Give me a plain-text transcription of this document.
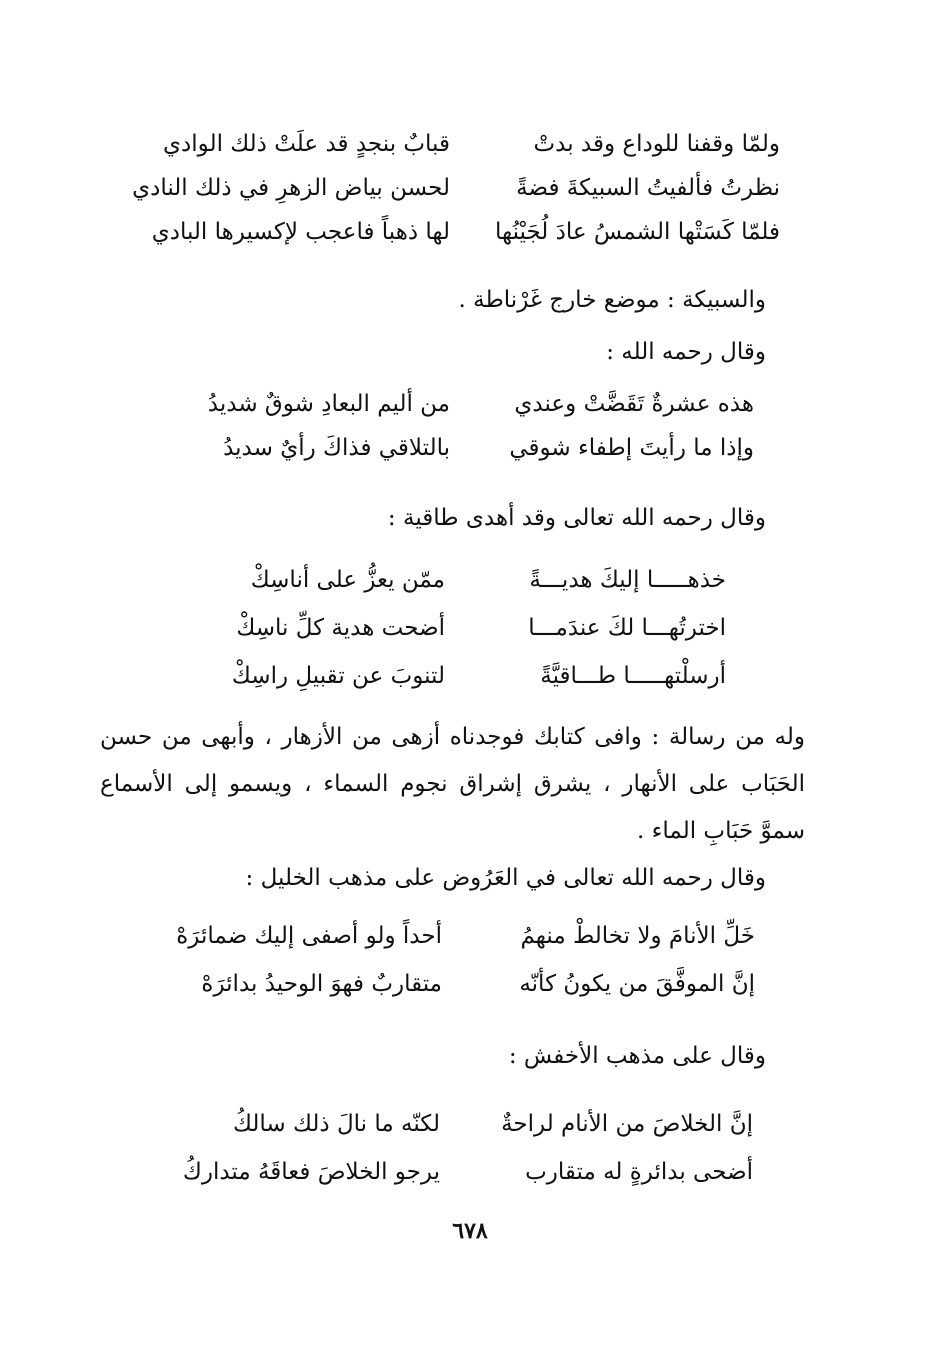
ولمّا وقفنا للوداع وقد بدتْ
قبابٌ بنجدٍ قد علَتْ ذلك الوادي
نظرتُ فألفيتُ السبيكةَ فضةً
لحسن بياض الزهرِ في ذلك النادي
فلمّا كَسَتْها الشمسُ عادَ لُجَيْنُها
لها ذهباً فاعجب لإكسيرها البادي
والسبيكة : موضع خارج غَرْناطة .
وقال رحمه الله :
هذه عشرةٌ تَقَضَّتْ وعندي
من أليم البعادِ شوقٌ شديدُ
وإذا ما رأيتَ إطفاء شوقي
بالتلاقي فذاكَ رأيٌ سديدُ
وقال رحمه الله تعالى وقد أهدى طاقية :
خذهـــــا إليكَ هديـــةً
ممّن يعزُّ على أناسِكْ
اخترتُهـــا لكَ عندَمـــا
أضحت هدية كلِّ ناسِكْ
أرسلْتهـــــا طـــاقيَّةً
لتنوبَ عن تقبيلِ راسِكْ
وله من رسالة : وافى كتابك فوجدناه أزهى من الأزهار ، وأبهى من حسن الحَبَاب على الأنهار ، يشرق إشراق نجوم السماء ، ويسمو إلى الأسماع سموَّ حَبَابِ الماء .
وقال رحمه الله تعالى في العَرُوض على مذهب الخليل :
خَلِّ الأنامَ ولا تخالطْ منهمُ
أحداً ولو أصفى إليك ضمائرَهْ
إنَّ الموفَّقَ من يكونُ كأنّه
متقاربٌ فهوَ الوحيدُ بدائرَهْ
وقال على مذهب الأخفش :
إنَّ الخلاصَ من الأنام لراحةٌ
لكنّه ما نالَ ذلك سالكُ
أضحى بدائرةٍ له متقارب
يرجو الخلاصَ فعاقَهُ متداركُ
٦٧٨
